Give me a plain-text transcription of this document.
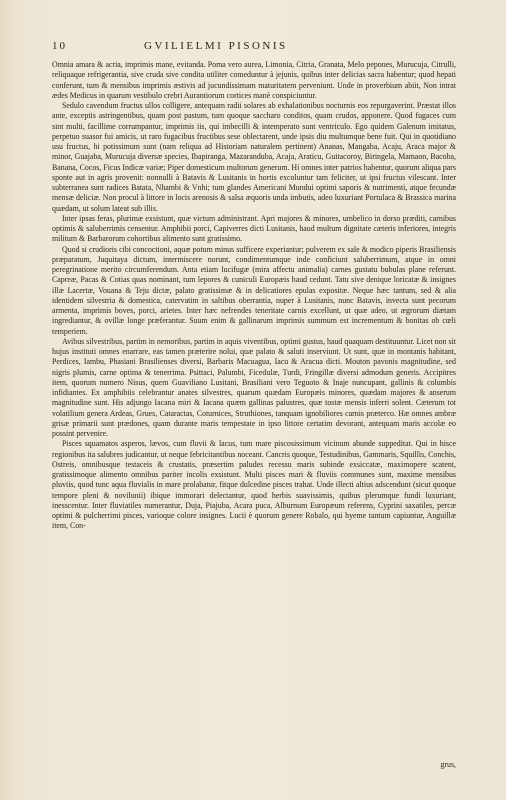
10	GVILIELMI PISONIS

Omnia amara & acria, imprimis mane, evitanda. Poma vero aurea, Limonia, Citria, Granata, Melo pepones, Murucuja, Citrulli, reliquaque refrigerantia, sive cruda sive condita utiliter comeduntur à jejunis, quibus inter delicias sacra habentur; quod hepati conferunt, tum & mensibus imprimis æstivis ad jucundissimam maturitatem perveniunt. Unde in proverbium abiit, Non intrat ædes Medicus in quarum vestibulo crebri Aurantiorum cortices manè conspiciuntur.

Sedulo cavendum fructus ullos colligere, antequam radii solares ab exhalationibus nocturnis eos repurgaverint. Præstat illos ante, exceptis astringentibus, quam post pastum, tum quoque saccharo conditos, quam crudos, apponere. Quod fugaces cum sint multi, facillime corrumpantur, imprimis iis, qui imbecilli & intemperato sunt ventriculo. Ego quidem Galenum imitatus, perpetuo suasor fui amicis, ut raro fugacibus fructibus sese oblectarent, unde ipsis diu multumque bene fuit. Qui in quotidiano usu fructus, hi potissimum sunt (nam reliqua ad Historiam naturalem pertinent) Ananas, Mangaba, Acaju, Araca major & minor, Guajaba, Murucuja diversæ species, Ibapiranga, Mazaranduba, Acaja, Araticu, Guitacoroy, Biringela, Mamaon, Bacoba, Banana, Cocos, Ficus Indicæ variæ; Piper domesticum multorum generum. Hi omnes inter patrios habentur, quorum aliqua pars sponte aut in agris provenit: nonnulli à Batavis & Lusitanis in hortis excoluntur tam feliciter, ut ipsi fructus vilescant. Inter subterranea sunt radices Batata, Nhambi & Vnhi; tum glandes Americani Mundui optimi saporis & nutrimenti, atque fecundæ mensæ deliciæ. Non procul à littore in locis arenosis & salsa æquoris unda imbutis, adeo luxuriant Portulaca & Brassica marina quædam, ut solum lateat sub illis.

Inter ipsas feras, plurimæ exsistunt, quæ victum administrant. Apri majores & minores, umbelico in dorso præditi, carnibus optimis & saluberrimis censentur. Amphibii porci, Capiverres dicti Lusitanis, haud multum dignitate cæteris inferiores, integris militum & Barbarorum cohortibus alimento sunt gratissimo.

Quod si crudioris cibi concoctioni, aquæ potum minus sufficere experiantur; pulverem ex sale & modico piperis Brasiliensis præparatum, Juquitaya dictum, intermiscere norunt, condimentumque inde conficiunt saluberrimum, atque in omni peregrinatione merito circumferendum. Anta etiam lucifugæ (mira affectu animalia) carnes gustatu bubulas plane referunt. Capreæ, Pacas & Cotias quas nominant, tum lepores & cuniculi Europæis haud cedunt. Tatu sive denique loricatæ & insignes illæ Lacertæ, Vouana & Teju dictæ, palato gratissimæ & in delicatiores epulas expositæ. Neque hæc tantum, sed & alia identidem silvestria & domestica, catervatim in saltibus oberrantia, nuper à Lusitanis, nunc Batavis, invecta sunt pecorum armenta, imprimis boves, porci, arietes. Inter hæc nefrendes teneritate carnis excellunt, ut quæ adeo, ut ægrorum diætam ingrediantur, & ovillæ longe præferantur. Suum enim & gallinarum imprimis summum est incrementum & bonitas ob cœli temperiem.

Avibus silvestribus, partim in nemoribus, partim in aquis viventibus, optimi gustus, haud quaquam destituuntur. Licet non sit hujus instituti omnes enarrare, eas tamen præterire nolui, quæ palato & saluti inserviunt. Ut sunt, quæ in montanis habitant, Perdices, Iambu, Phasiani Brasilienses diversi, Barbaris Macuagua, Iacu & Aracua dicti. Mouton pavonis magnitudine, sed nigris plumis, carne optima & tenerrima. Psittaci, Palumbi, Ficedulæ, Turdi, Fringillæ diversi admodum generis. Accipitres item, quorum numero Nisus, quem Guaviliano Lusitani, Brasiliani vero Teguoto & Inaje nuncupant, gallinis & columbis infidiantes. Ex amphibiis celebrantur anates silvestres, quarum quædam Europæis minores, quædam majores & anserum magnitudine sunt. His adjungo Iacana miri & Iacana quæm gallinas palustres, quæ tostæ mensis inferri solent. Cæterum tot volatilium genera Ardeas, Grues, Cataractas, Coturnices, Struthiones, tanquam ignobiliores carnis præterco. Hæ omnes ambræ grisæ primarii sunt prædones, quam durante maris tempestate in ipso littore certatim devorant, antequam maris accolæ eo possint pervenire.

Pisces squamatos asperos, lævos, cum fluvii & lacus, tum mare piscosissimum vicinum abunde suppeditat. Qui in hisce regionibus ita salubres judicantur, ut neque febricitantibus noceant. Cancris quoque, Testudinibus, Gammaris, Squillis, Conchis, Ostreis, omnibusque testaceis & crustatis, præsertim paludes recessu maris subinde exsiccatæ, maximopere scatent, gratissimoque alimento omnibus pariter incolis exsistunt. Multi pisces mari & fluviis communes sunt, maxime mensibus pluviis, quod tunc aqua fluvialis in mare prolabatur, fitque dulcedine pisces trahat. Unde illecti altius adscendunt (sicut quoque tempore pleni & novilunii) ibique immorari delectantur, quod herbis suavissimis, quibus plerumque fundi luxuriant, inesscentur. Inter fluviatiles numerantur, Duja, Piajuba, Acara puca, Alburnum Europæum referens, Cyprini saxatiles, percæ optimi & pulcherrimi pisces, varioque colore insignes. Lucii è quorum genere Robalo, qui hyeme tantum capiuntur, Anguillæ item, Con-

grus,
